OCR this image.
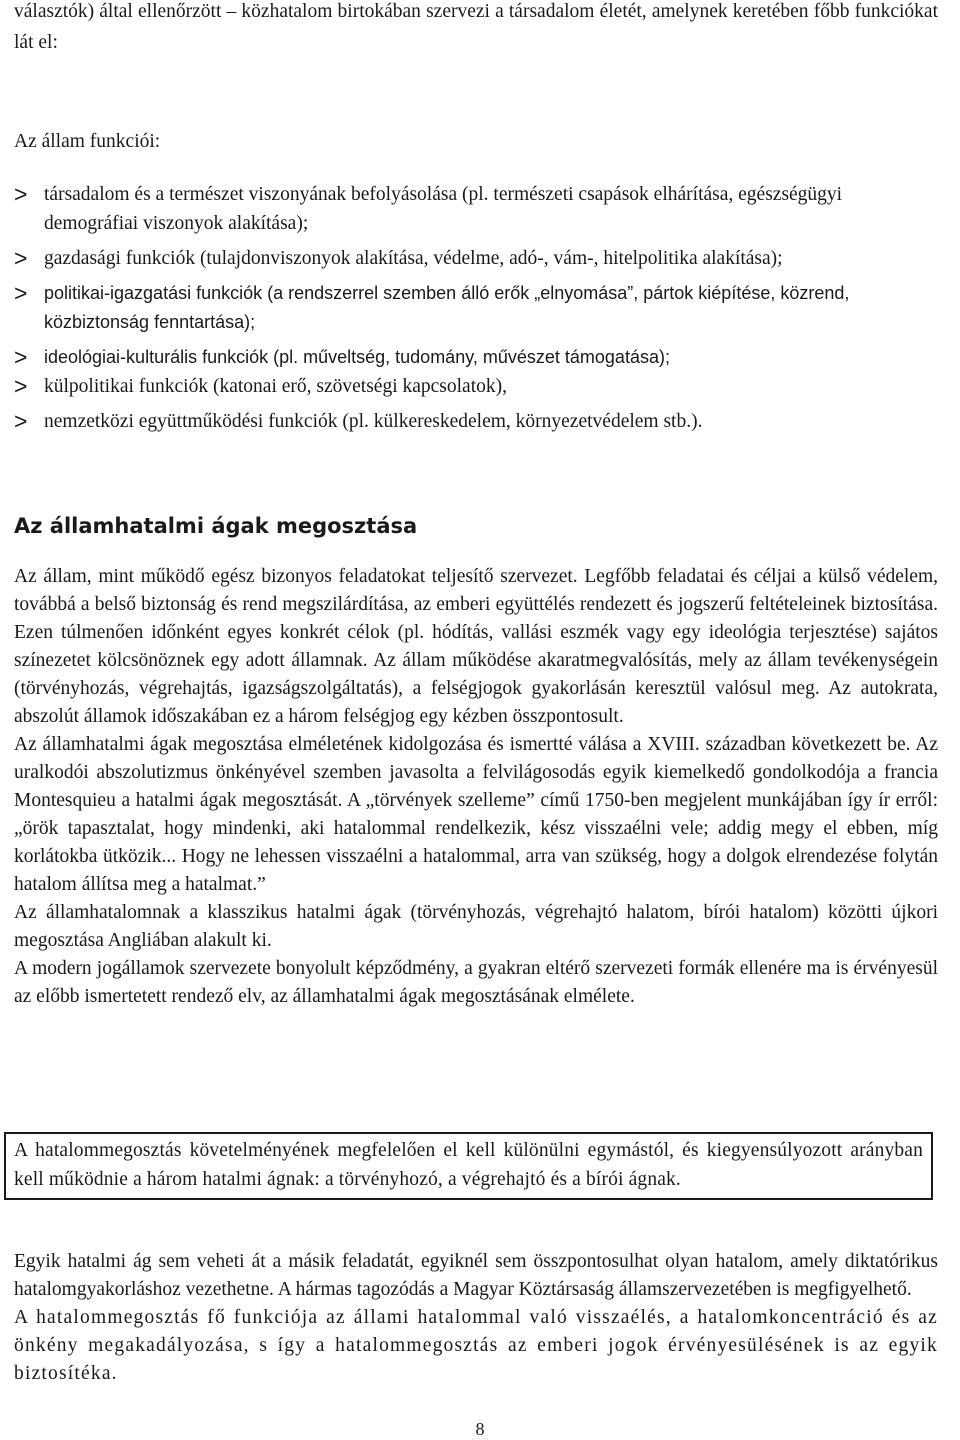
választók) által ellenőrzött – közhatalom birtokában szervezi a társadalom életét, amelynek keretében főbb funkciókat lát el:

Az állam funkciói:

> társadalom és a természet viszonyának befolyásolása (pl. természeti csapások elhárítása, egészségügyi demográfiai viszonyok alakítása);
> gazdasági funkciók (tulajdonviszonyok alakítása, védelme, adó-, vám-, hitelpolitika alakítása);
> politikai-igazgatási funkciók (a rendszerrel szemben álló erők „elnyomása”, pártok kiépítése, közrend, közbiztonság fenntartása);
> ideológiai-kulturális funkciók (pl. műveltség, tudomány, művészet támogatása);
> külpolitikai funkciók (katonai erő, szövetségi kapcsolatok),
> nemzetközi együttműködési funkciók (pl. külkereskedelem, környezetvédelem stb.).
Az államhatalmi ágak megosztása

Az állam, mint működő egész bizonyos feladatokat teljesítő szervezet. Legfőbb feladatai és céljai a külső védelem, továbbá a belső biztonság és rend megszilárdítása, az emberi együttélés rendezett és jogszerű feltételeinek biztosítása. Ezen túlmenően időnként egyes konkrét célok (pl. hódítás, vallási eszmék vagy egy ideológia terjesztése) sajátos színezetet kölcsönöznek egy adott államnak. Az állam működése akaratmegvalósítás, mely az állam tevékenységein (törvényhozás, végrehajtás, igazságszolgáltatás), a felségjogok gyakorlásán keresztül valósul meg. Az autokrata, abszolút államok időszakában ez a három felségjog egy kézben összpontosult.

Az államhatalmi ágak megosztása elméletének kidolgozása és ismertté válása a XVIII. században következett be. Az uralkodói abszolutizmus önkényével szemben javasolta a felvilágosodás egyik kiemelkedő gondolkodója a francia Montesquieu a hatalmi ágak megosztását. A „törvények szelleme” című 1750-ben megjelent munkájában így ír erről: „örök tapasztalat, hogy mindenki, aki hatalommal rendelkezik, kész visszaélni vele; addig megy el ebben, míg korlátokba ütközik... Hogy ne lehessen visszaélni a hatalommal, arra van szükség, hogy a dolgok elrendezése folytán hatalom állítsa meg a hatalmat.”

Az államhatalomnak a klasszikus hatalmi ágak (törvényhozás, végrehajtó halatom, bírói hatalom) közötti újkori megosztása Angliában alakult ki.

A modern jogállamok szervezete bonyolult képződmény, a gyakran eltérő szervezeti formák ellenére ma is érvényesül az előbb ismertetett rendező elv, az államhatalmi ágak megosztásának elmélete.

A hatalommegosztás követelményének megfelelően el kell különülni egymástól, és kiegyensúlyozott arányban kell működnie a három hatalmi ágnak: a törvényhozó, a végrehajtó és a bírói ágnak.

Egyik hatalmi ág sem veheti át a másik feladatát, egyiknél sem összpontosulhat olyan hatalom, amely diktatórikus hatalomgyakorláshoz vezethetne. A hármas tagozódás a Magyar Köztársaság államszervezetében is megfigyelhető.

A hatalommegosztás fő funkciója az állami hatalommal való visszaélés, a hatalomkoncentráció és az önkény megakadályozása, s így a hatalommegosztás az emberi jogok érvényesülésének is az egyik biztosítéka.

8
